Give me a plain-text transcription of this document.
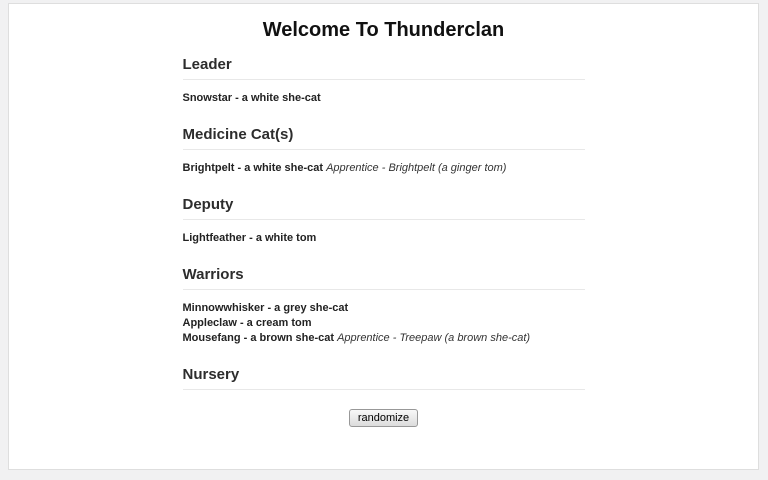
Welcome To Thunderclan
Leader

Snowstar - a white she-cat

Medicine Cat(s)

Brightpelt - a white she-cat Apprentice - Brightpelt (a ginger tom)

Deputy

Lightfeather - a white tom

Warriors

Minnowwhisker - a grey she-cat

Appleclaw - a cream tom

Mousefang - a brown she-cat Apprentice - Treepaw (a brown she-cat)

Nursery
randomize
